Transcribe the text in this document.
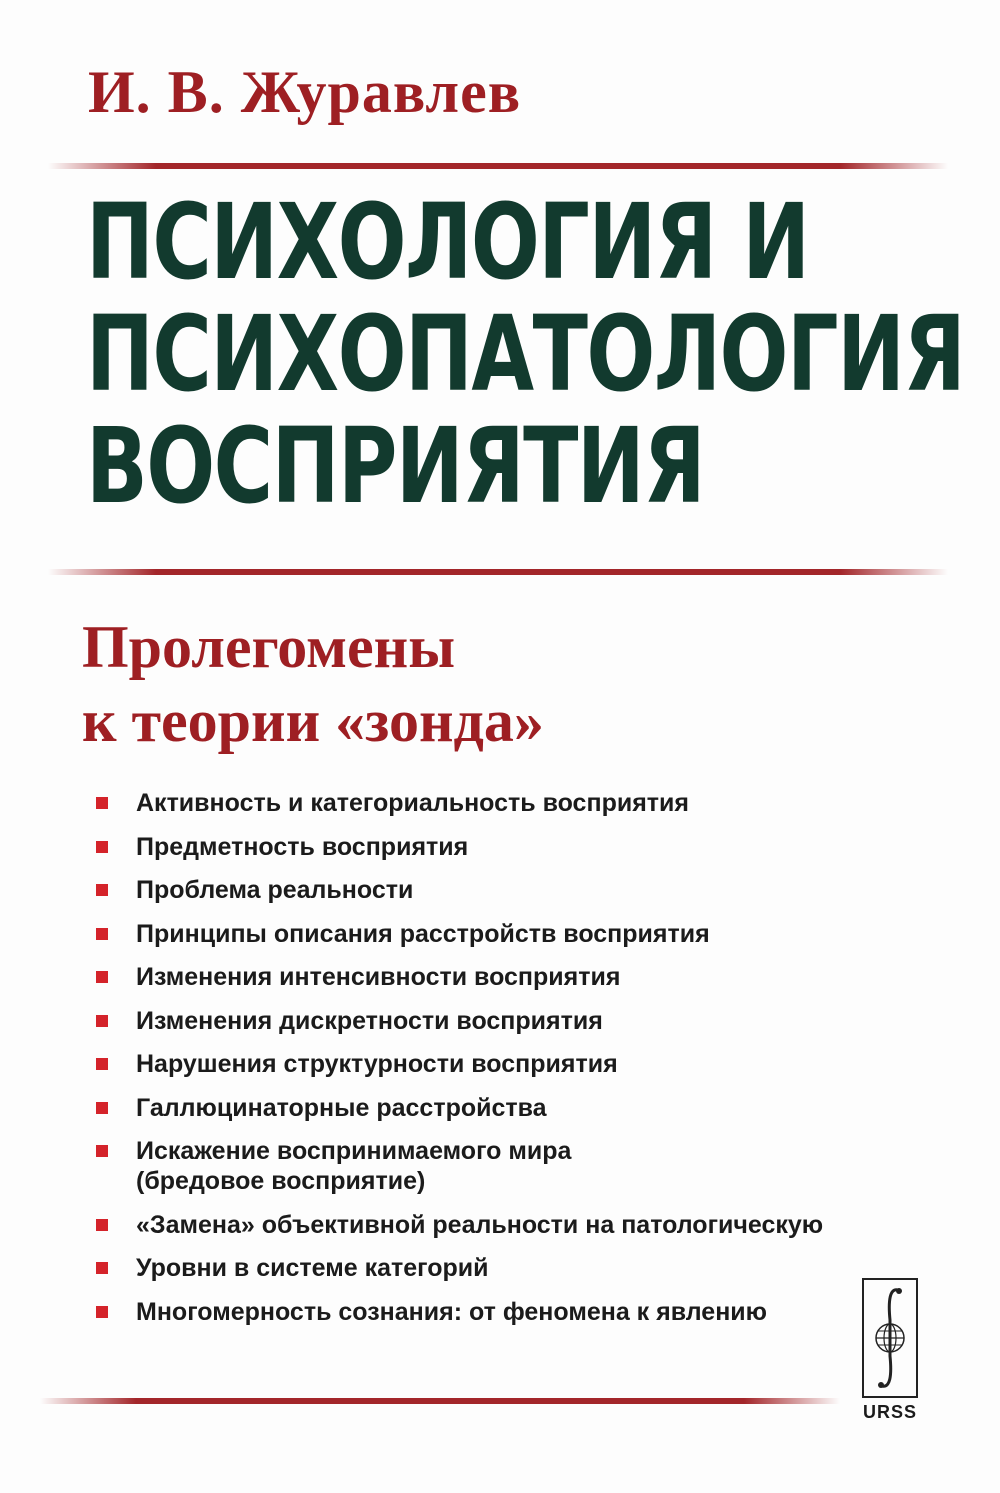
И. В. Журавлев
ПСИХОЛОГИЯ И
ПСИХОПАТОЛОГИЯ
ВОСПРИЯТИЯ
Пролегомены
к теории «зонда»
Активность и категориальность восприятия
Предметность восприятия
Проблема реальности
Принципы описания расстройств восприятия
Изменения интенсивности восприятия
Изменения дискретности восприятия
Нарушения структурности восприятия
Галлюцинаторные расстройства
Искажение воспринимаемого мира
(бредовое восприятие)
«Замена» объективной реальности на патологическую
Уровни в системе категорий
Многомерность сознания: от феномена к явлению
URSS
